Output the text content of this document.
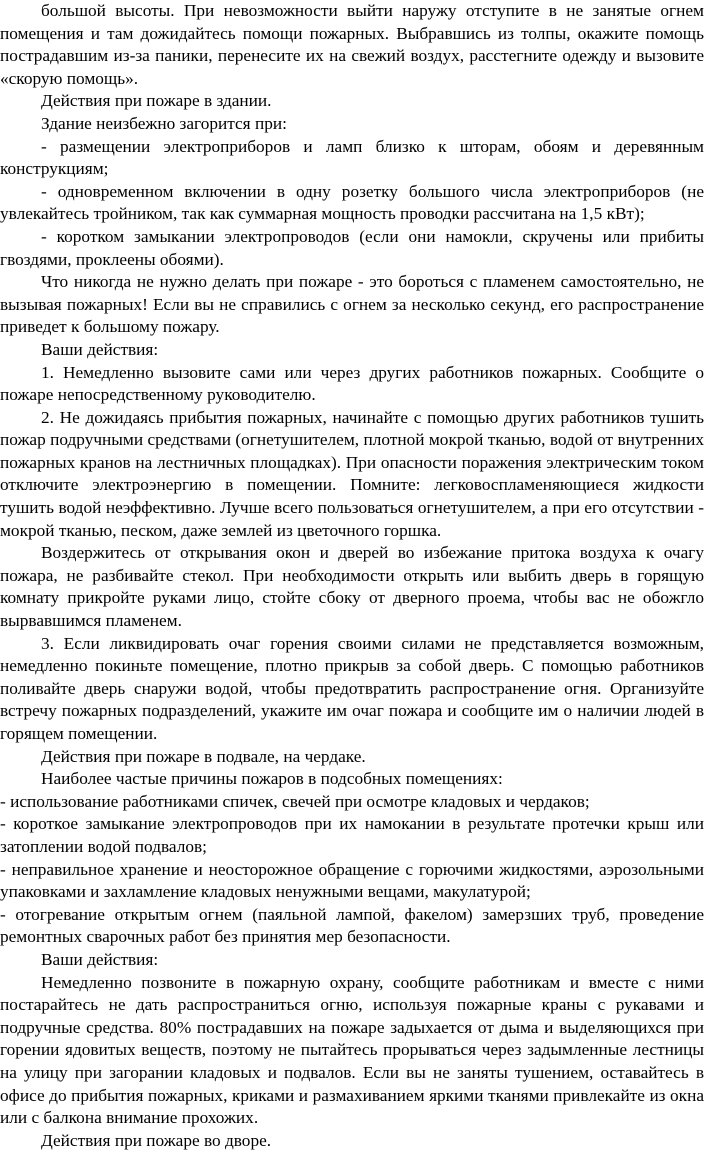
большой высоты. При невозможности выйти наружу отступите в не занятые огнем помещения и там дожидайтесь помощи пожарных. Выбравшись из толпы, окажите помощь пострадавшим из-за паники, перенесите их на свежий воздух, расстегните одежду и вызовите «скорую помощь».

Действия при пожаре в здании.

Здание неизбежно загорится при:

- размещении электроприборов и ламп близко к шторам, обоям и деревянным конструкциям;

- одновременном включении в одну розетку большого числа электроприборов (не увлекайтесь тройником, так как суммарная мощность проводки рассчитана на 1,5 кВт);

- коротком замыкании электропроводов (если они намокли, скручены или прибиты гвоздями, проклеены обоями).

Что никогда не нужно делать при пожаре - это бороться с пламенем самостоятельно, не вызывая пожарных! Если вы не справились с огнем за несколько секунд, его распространение приведет к большому пожару.

Ваши действия:

1. Немедленно вызовите сами или через других работников пожарных. Сообщите о пожаре непосредственному руководителю.

2. Не дожидаясь прибытия пожарных, начинайте с помощью других работников тушить пожар подручными средствами (огнетушителем, плотной мокрой тканью, водой от внутренних пожарных кранов на лестничных площадках). При опасности поражения электрическим током отключите электроэнергию в помещении. Помните: легковоспламеняющиеся жидкости тушить водой неэффективно. Лучше всего пользоваться огнетушителем, а при его отсутствии - мокрой тканью, песком, даже землей из цветочного горшка.

Воздержитесь от открывания окон и дверей во избежание притока воздуха к очагу пожара, не разбивайте стекол. При необходимости открыть или выбить дверь в горящую комнату прикройте руками лицо, стойте сбоку от дверного проема, чтобы вас не обожгло вырвавшимся пламенем.

3. Если ликвидировать очаг горения своими силами не представляется возможным, немедленно покиньте помещение, плотно прикрыв за собой дверь. С помощью работников поливайте дверь снаружи водой, чтобы предотвратить распространение огня. Организуйте встречу пожарных подразделений, укажите им очаг пожара и сообщите им о наличии людей в горящем помещении.

Действия при пожаре в подвале, на чердаке.

Наиболее частые причины пожаров в подсобных помещениях:

- использование работниками спичек, свечей при осмотре кладовых и чердаков;

- короткое замыкание электропроводов при их намокании в результате протечки крыш или затоплении водой подвалов;

- неправильное хранение и неосторожное обращение с горючими жидкостями, аэрозольными упаковками и захламление кладовых ненужными вещами, макулатурой;

- отогревание открытым огнем (паяльной лампой, факелом) замерзших труб, проведение ремонтных сварочных работ без принятия мер безопасности.

Ваши действия:

Немедленно позвоните в пожарную охрану, сообщите работникам и вместе с ними постарайтесь не дать распространиться огню, используя пожарные краны с рукавами и подручные средства. 80% пострадавших на пожаре задыхается от дыма и выделяющихся при горении ядовитых веществ, поэтому не пытайтесь прорываться через задымленные лестницы на улицу при загорании кладовых и подвалов. Если вы не заняты тушением, оставайтесь в офисе до прибытия пожарных, криками и размахиванием яркими тканями привлекайте из окна или с балкона внимание прохожих.

Действия при пожаре во дворе.
